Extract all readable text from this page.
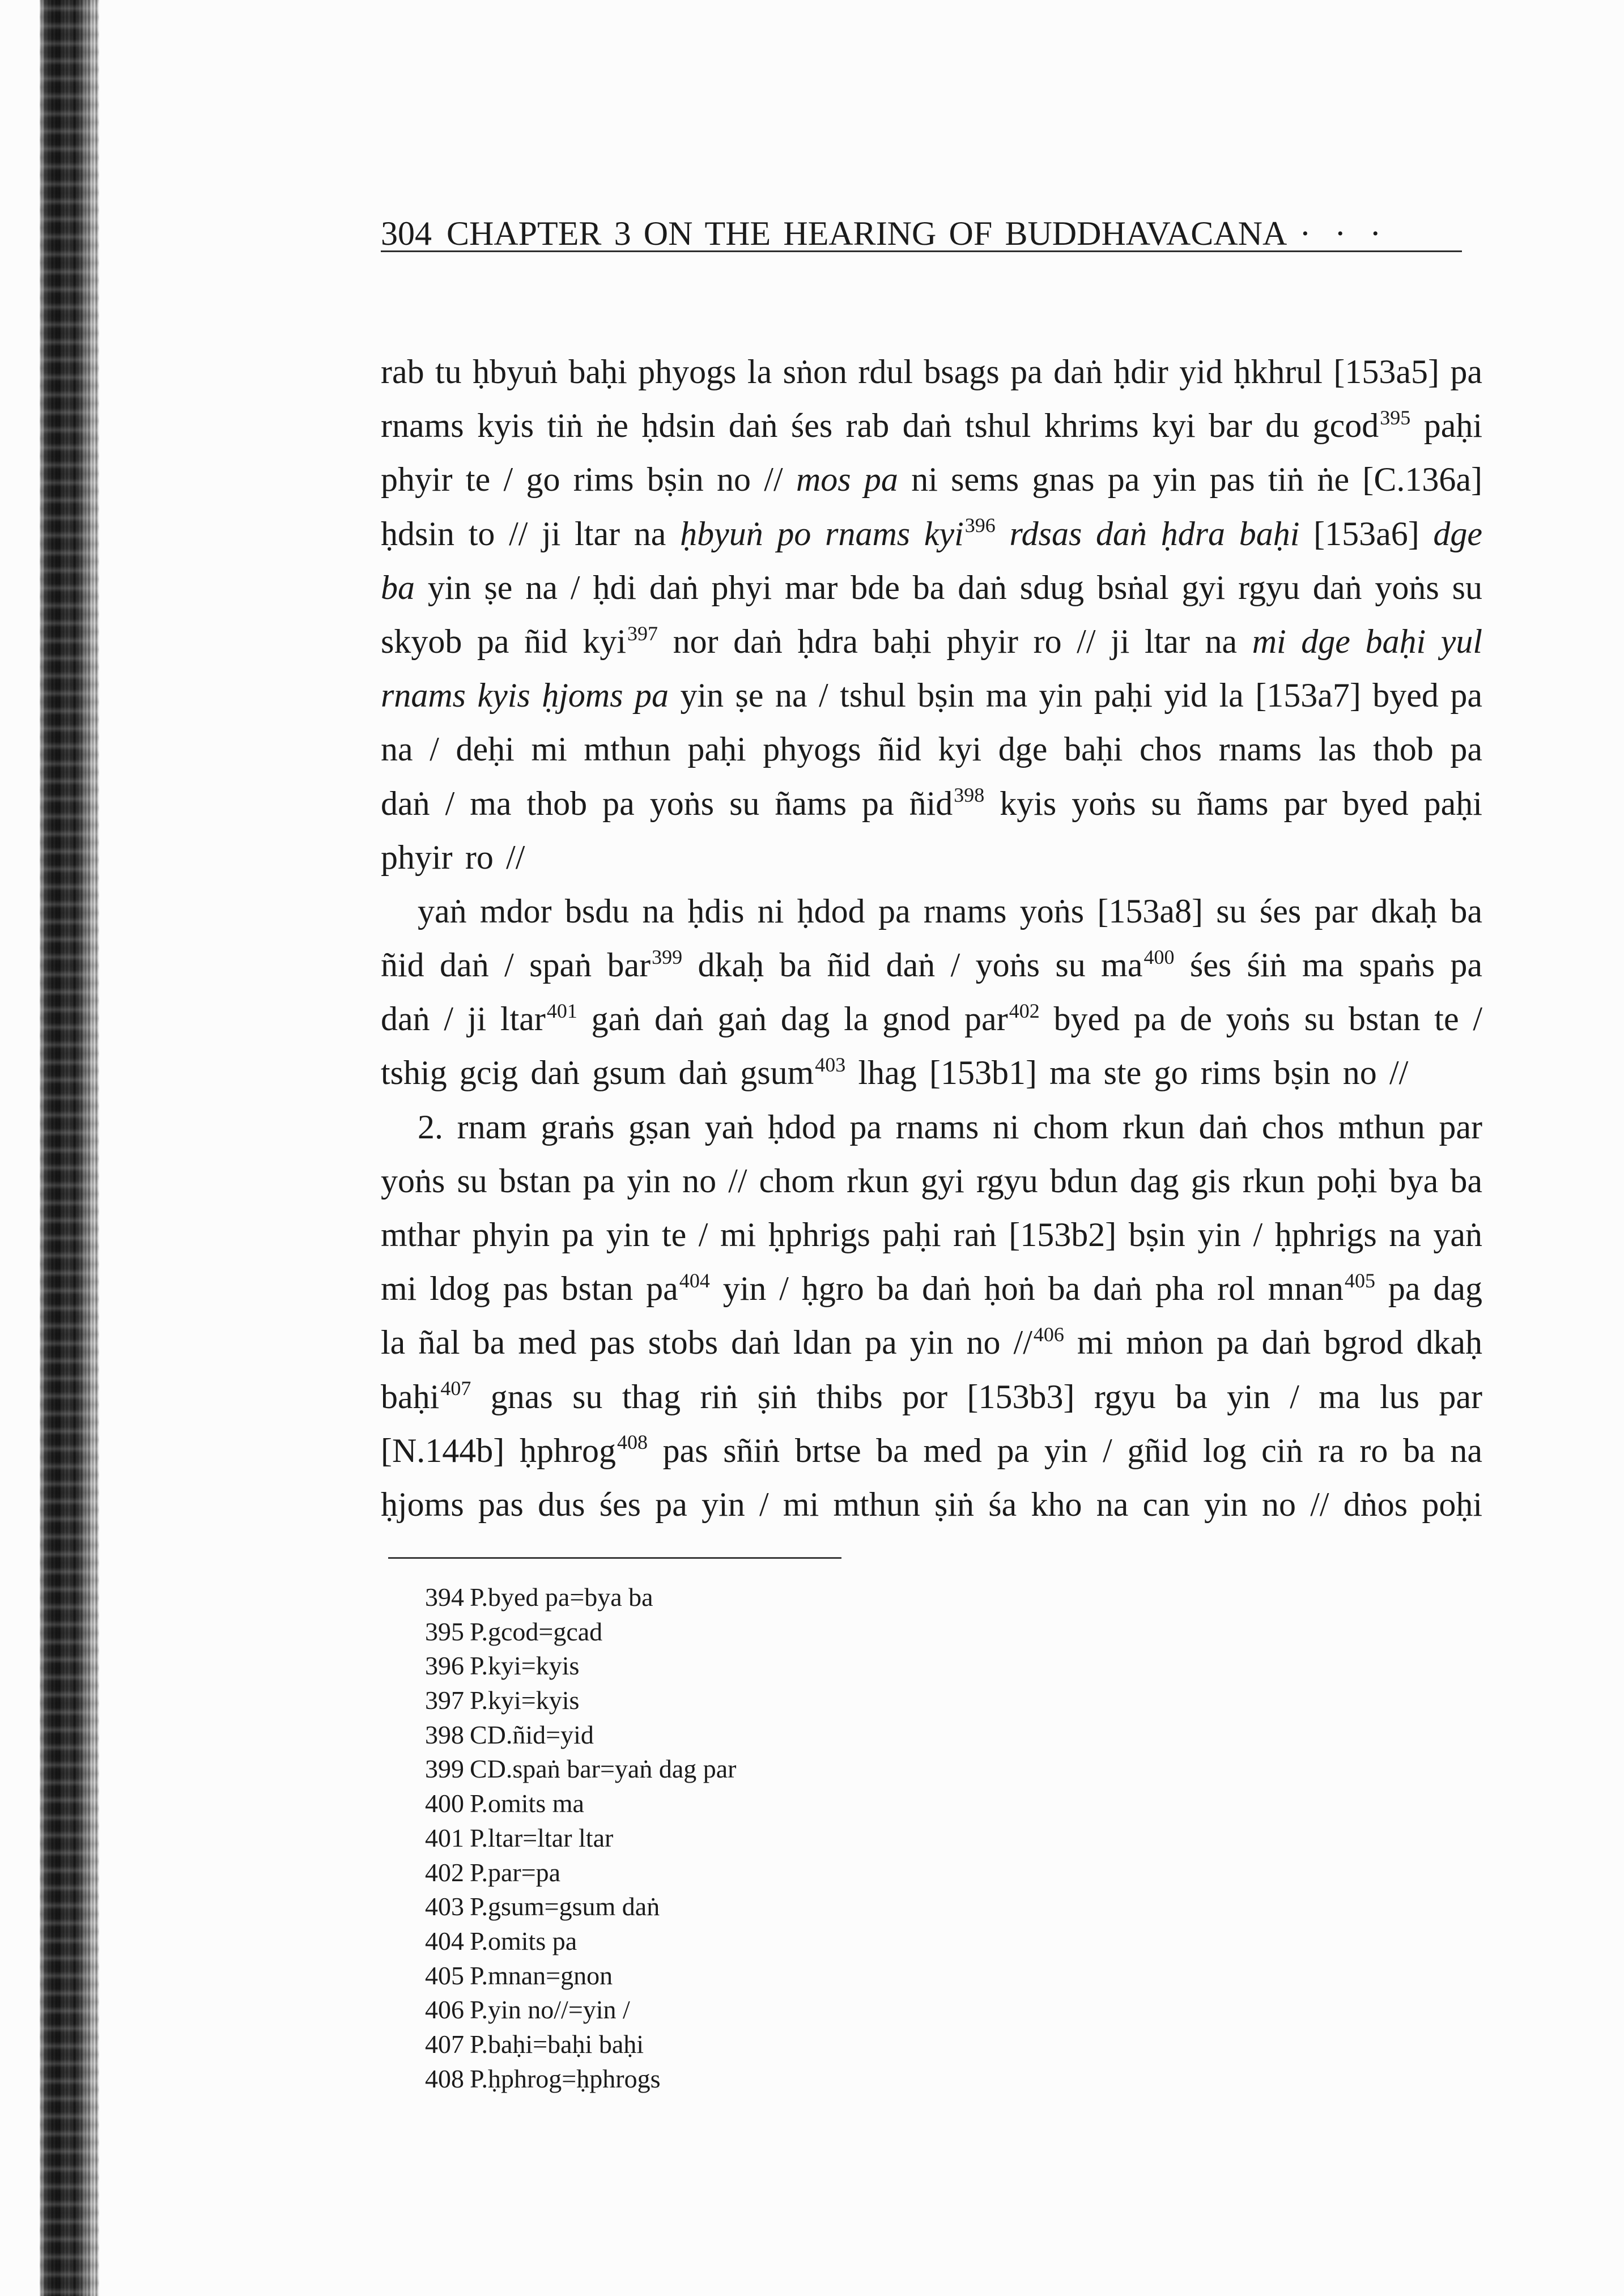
304 CHAPTER 3 ON THE HEARING OF BUDDHAVACANA · · ·
rab tu ḥbyuṅ baḥi phyogs la sṅon rdul bsags pa daṅ ḥdir yid ḥkhrul [153a5] pa
rnams kyis tiṅ ṅe ḥdsin daṅ śes rab daṅ tshul khrims kyi bar du gcod$^{395}$ paḥi
phyir te / go rims bṣin no // mos pa ni sems gnas pa yin pas tiṅ ṅe [C.136a]
ḥdsin to // ji ltar na ḥbyuṅ po rnams kyi$^{396}$ rdsas daṅ ḥdra baḥi [153a6] dge
ba yin ṣe na / ḥdi daṅ phyi mar bde ba daṅ sdug bsṅal gyi rgyu daṅ yoṅs su
skyob pa ñid kyi$^{397}$ nor daṅ ḥdra baḥi phyir ro // ji ltar na mi dge baḥi yul
rnams kyis ḥjoms pa yin ṣe na / tshul bṣin ma yin paḥi yid la [153a7] byed pa
na / deḥi mi mthun paḥi phyogs ñid kyi dge baḥi chos rnams las thob pa
daṅ / ma thob pa yoṅs su ñams pa ñid$^{398}$ kyis yoṅs su ñams par byed paḥi
phyir ro //
yaṅ mdor bsdu na ḥdis ni ḥdod pa rnams yoṅs [153a8] su śes par dkaḥ ba
ñid daṅ / spaṅ bar$^{399}$ dkaḥ ba ñid daṅ / yoṅs su $ma^{400}$ śes śiṅ ma spaṅs pa
daṅ / ji ltar$^{401}$ gaṅ daṅ gaṅ dag la gnod par$^{402}$ byed pa de yoṅs su bstan te /
tshig gcig daṅ gsum daṅ gsum$^{403}$ lhag [153b1] ma ste go rims bṣin no //
2. rnam graṅs gṣan yaṅ ḥdod pa rnams ni chom rkun daṅ chos mthun par
yoṅs su bstan pa yin no // chom rkun gyi rgyu bdun dag gis rkun poḥi bya ba
mthar phyin pa yin te / mi ḥphrigs paḥi raṅ [153b2] bṣin yin / ḥphrigs na yaṅ
mi ldog pas bstan $pa^{404}$ yin / ḥgro ba daṅ ḥoṅ ba daṅ pha rol mnan$^{405}$ pa dag
la ñal ba med pas stobs daṅ ldan pa yin no //$^{406}$ mi mṅon pa daṅ bgrod dkaḥ
baḥi$^{407}$ gnas su thag riṅ ṣiṅ thibs por [153b3] rgyu ba yin / ma lus par
[N.144b] ḥphrog$^{408}$ pas sñiṅ brtse ba med pa yin / gñid log ciṅ ra ro ba na
ḥjoms pas dus śes pa yin / mi mthun ṣiṅ śa kho na can yin no // dṅos poḥi
394 P.byed pa=bya ba
395 P.gcod=gcad
396 P.kyi=kyis
397 P.kyi=kyis
398 CD.ñid=yid
399 CD.spaṅ bar=yaṅ dag par
400 P.omits ma
401 P.ltar=ltar ltar
402 P.par=pa
403 P.gsum=gsum daṅ
404 P.omits pa
405 P.mnan=gnon
406 P.yin no//=yin /
407 P.baḥi=baḥi baḥi
408 P.ḥphrog=ḥphrogs
